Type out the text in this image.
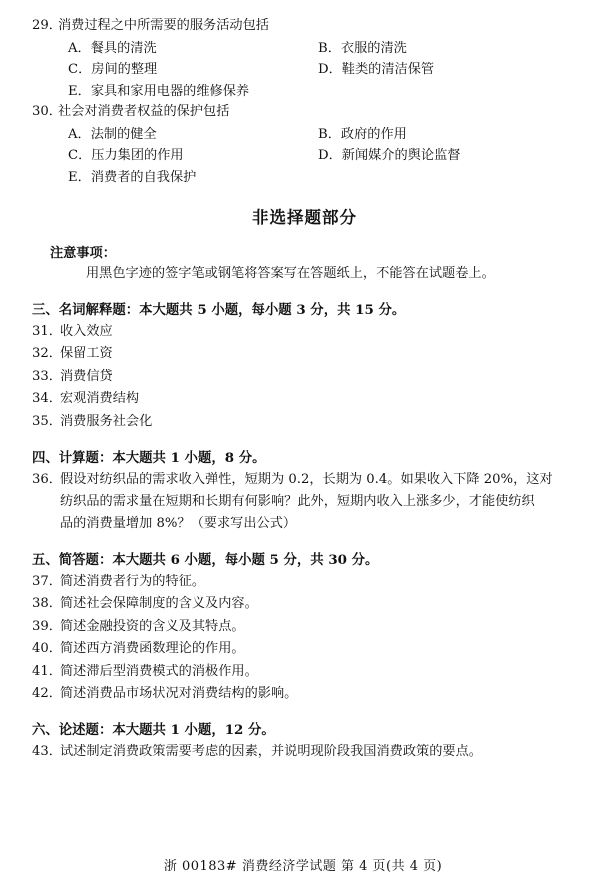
29．消费过程之中所需要的服务活动包括
A．餐具的清洗	B．衣服的清洗
C．房间的整理	D．鞋类的清洁保管
E．家具和家用电器的维修保养
30．社会对消费者权益的保护包括
A．法制的健全	B．政府的作用
C．压力集团的作用	D．新闻媒介的舆论监督
E．消费者的自我保护
非选择题部分
注意事项：
用黑色字迹的签字笔或钢笔将答案写在答题纸上，不能答在试题卷上。
三、名词解释题：本大题共 5 小题，每小题 3 分，共 15 分。
31．
收入效应
32．
保留工资
33．
消费信贷
34．
宏观消费结构
35．
消费服务社会化
四、计算题：本大题共 1 小题，8 分。
36．
假设对纺织品的需求收入弹性，短期为 0.2，长期为 0.4。如果收入下降 20%，这对
纺织品的需求量在短期和长期有何影响？此外，短期内收入上涨多少，才能使纺织
品的消费量增加 8%？（要求写出公式）
五、简答题：本大题共 6 小题，每小题 5 分，共 30 分。
37．
简述消费者行为的特征。
38．
简述社会保障制度的含义及内容。
39．
简述金融投资的含义及其特点。
40．
简述西方消费函数理论的作用。
41．
简述滞后型消费模式的消极作用。
42．
简述消费品市场状况对消费结构的影响。
六、论述题：本大题共 1 小题，12 分。
43．
试述制定消费政策需要考虑的因素，并说明现阶段我国消费政策的要点。
浙 00183# 消费经济学试题 第 4 页(共 4 页)
